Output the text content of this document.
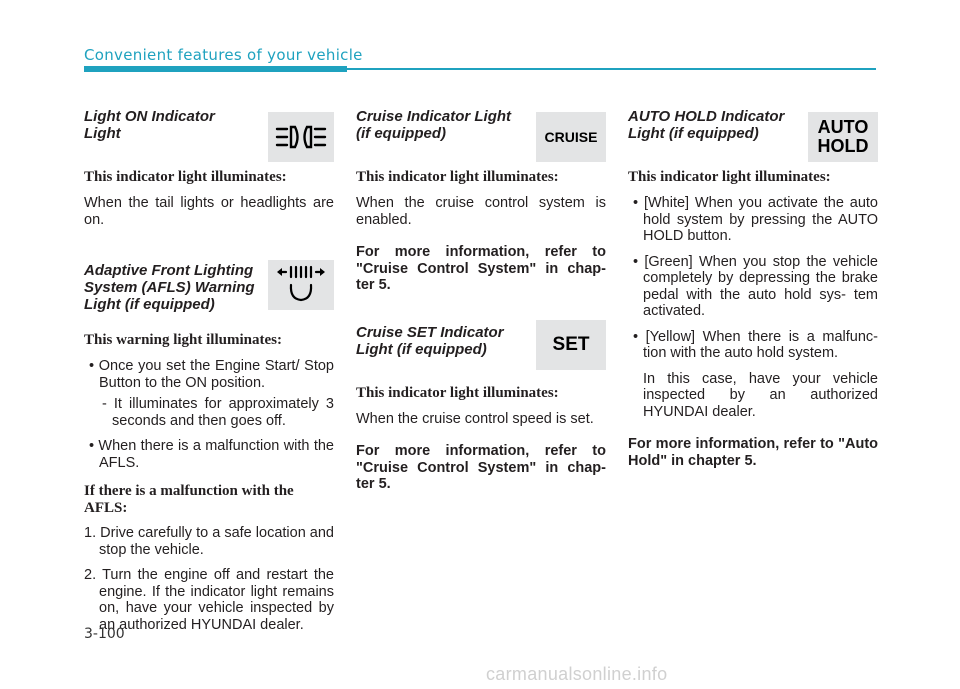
Convenient features of your vehicle

Light ON Indicator
Light

This indicator light illuminates:

When the tail lights or headlights are on.

Adaptive Front Lighting
System (AFLS) Warning
Light (if equipped)

This warning light illuminates:

• Once you set the Engine Start/ Stop Button to the ON position.

- It illuminates for approximately 3 seconds and then goes off.

• When there is a malfunction with the AFLS.

If there is a malfunction with the
AFLS:

1. Drive carefully to a safe location and stop the vehicle.

2. Turn the engine off and restart the engine. If the indicator light remains on, have your vehicle inspected by an authorized HYUNDAI dealer.

Cruise Indicator Light
(if equipped)	CRUISE

This indicator light illuminates:

When the cruise control system is enabled.

For more information, refer to "Cruise Control System" in chap- ter 5.

Cruise SET Indicator
Light (if equipped)	SET

This indicator light illuminates:

When the cruise control speed is set.

For more information, refer to "Cruise Control System" in chap- ter 5.

AUTO HOLD Indicator
Light (if equipped)	AUTO
HOLD

This indicator light illuminates:

• [White] When you activate the auto hold system by pressing the AUTO HOLD button.

• [Green] When you stop the vehicle completely by depressing the brake pedal with the auto hold sys- tem activated.

• [Yellow] When there is a malfunc- tion with the auto hold system.

In this case, have your vehicle inspected by an authorized HYUNDAI dealer.

For more information, refer to "Auto Hold" in chapter 5.

3-100
carmanualsonline.info
